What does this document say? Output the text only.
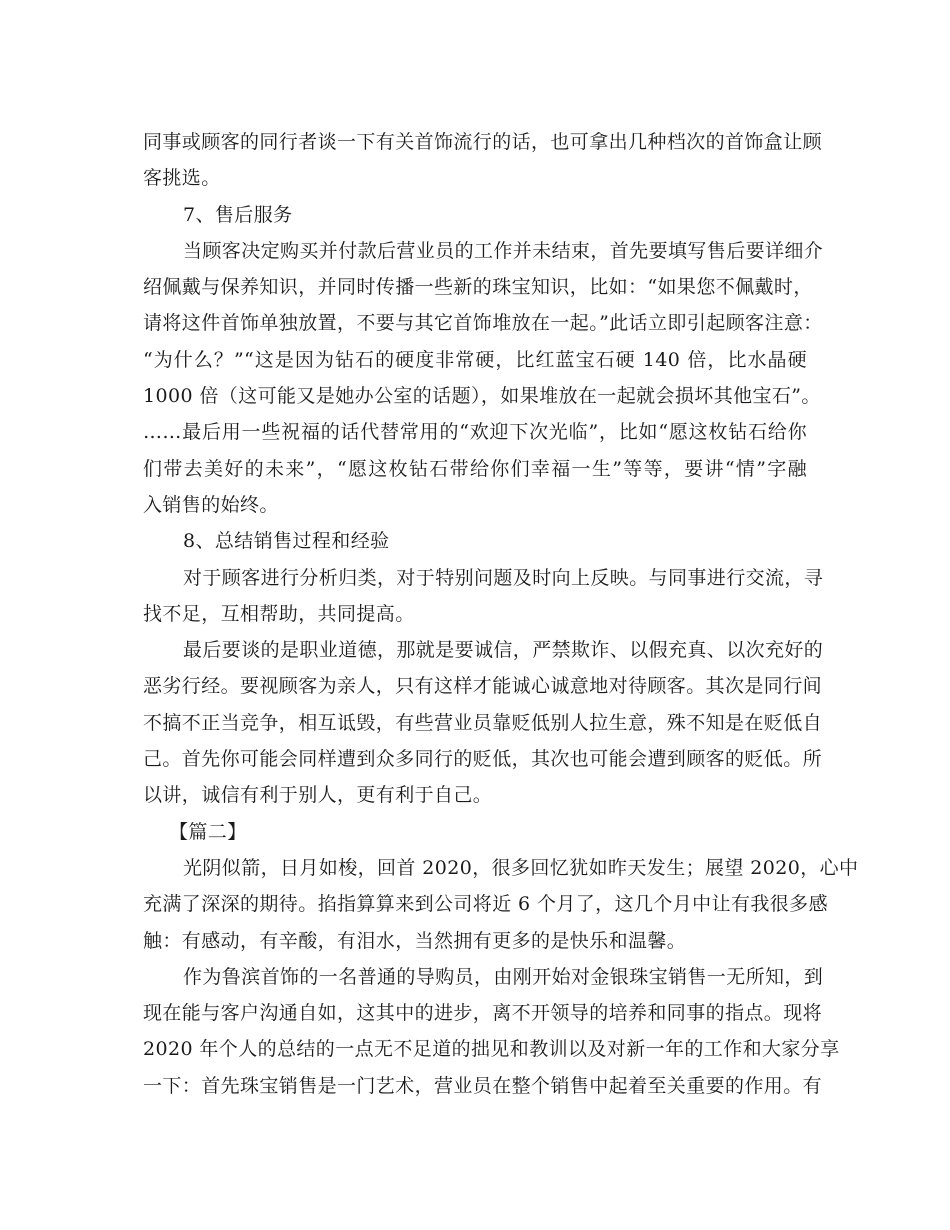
同事或顾客的同行者谈一下有关首饰流行的话，也可拿出几种档次的首饰盒让顾
客挑选。
7、售后服务
当顾客决定购买并付款后营业员的工作并未结束，首先要填写售后要详细介
绍佩戴与保养知识，并同时传播一些新的珠宝知识，比如：“如果您不佩戴时，
请将这件首饰单独放置，不要与其它首饰堆放在一起。”此话立即引起顾客注意：
“为什么？”“这是因为钻石的硬度非常硬，比红蓝宝石硬 140 倍，比水晶硬
1000 倍（这可能又是她办公室的话题），如果堆放在一起就会损坏其他宝石”。
……最后用一些祝福的话代替常用的“欢迎下次光临”，比如“愿这枚钻石给你
们带去美好的未来”，“愿这枚钻石带给你们幸福一生”等等，要讲“情”字融
入销售的始终。
8、总结销售过程和经验
对于顾客进行分析归类，对于特别问题及时向上反映。与同事进行交流，寻
找不足，互相帮助，共同提高。
最后要谈的是职业道德，那就是要诚信，严禁欺诈、以假充真、以次充好的
恶劣行经。要视顾客为亲人，只有这样才能诚心诚意地对待顾客。其次是同行间
不搞不正当竞争，相互诋毁，有些营业员靠贬低别人拉生意，殊不知是在贬低自
己。首先你可能会同样遭到众多同行的贬低，其次也可能会遭到顾客的贬低。所
以讲，诚信有利于别人，更有利于自己。
【篇二】
光阴似箭，日月如梭，回首 2020，很多回忆犹如昨天发生；展望 2020，心中
充满了深深的期待。掐指算算来到公司将近 6 个月了，这几个月中让有我很多感
触：有感动，有辛酸，有泪水，当然拥有更多的是快乐和温馨。
作为鲁滨首饰的一名普通的导购员，由刚开始对金银珠宝销售一无所知，到
现在能与客户沟通自如，这其中的进步，离不开领导的培养和同事的指点。现将
2020 年个人的总结的一点无不足道的拙见和教训以及对新一年的工作和大家分享
一下：首先珠宝销售是一门艺术，营业员在整个销售中起着至关重要的作用。有
